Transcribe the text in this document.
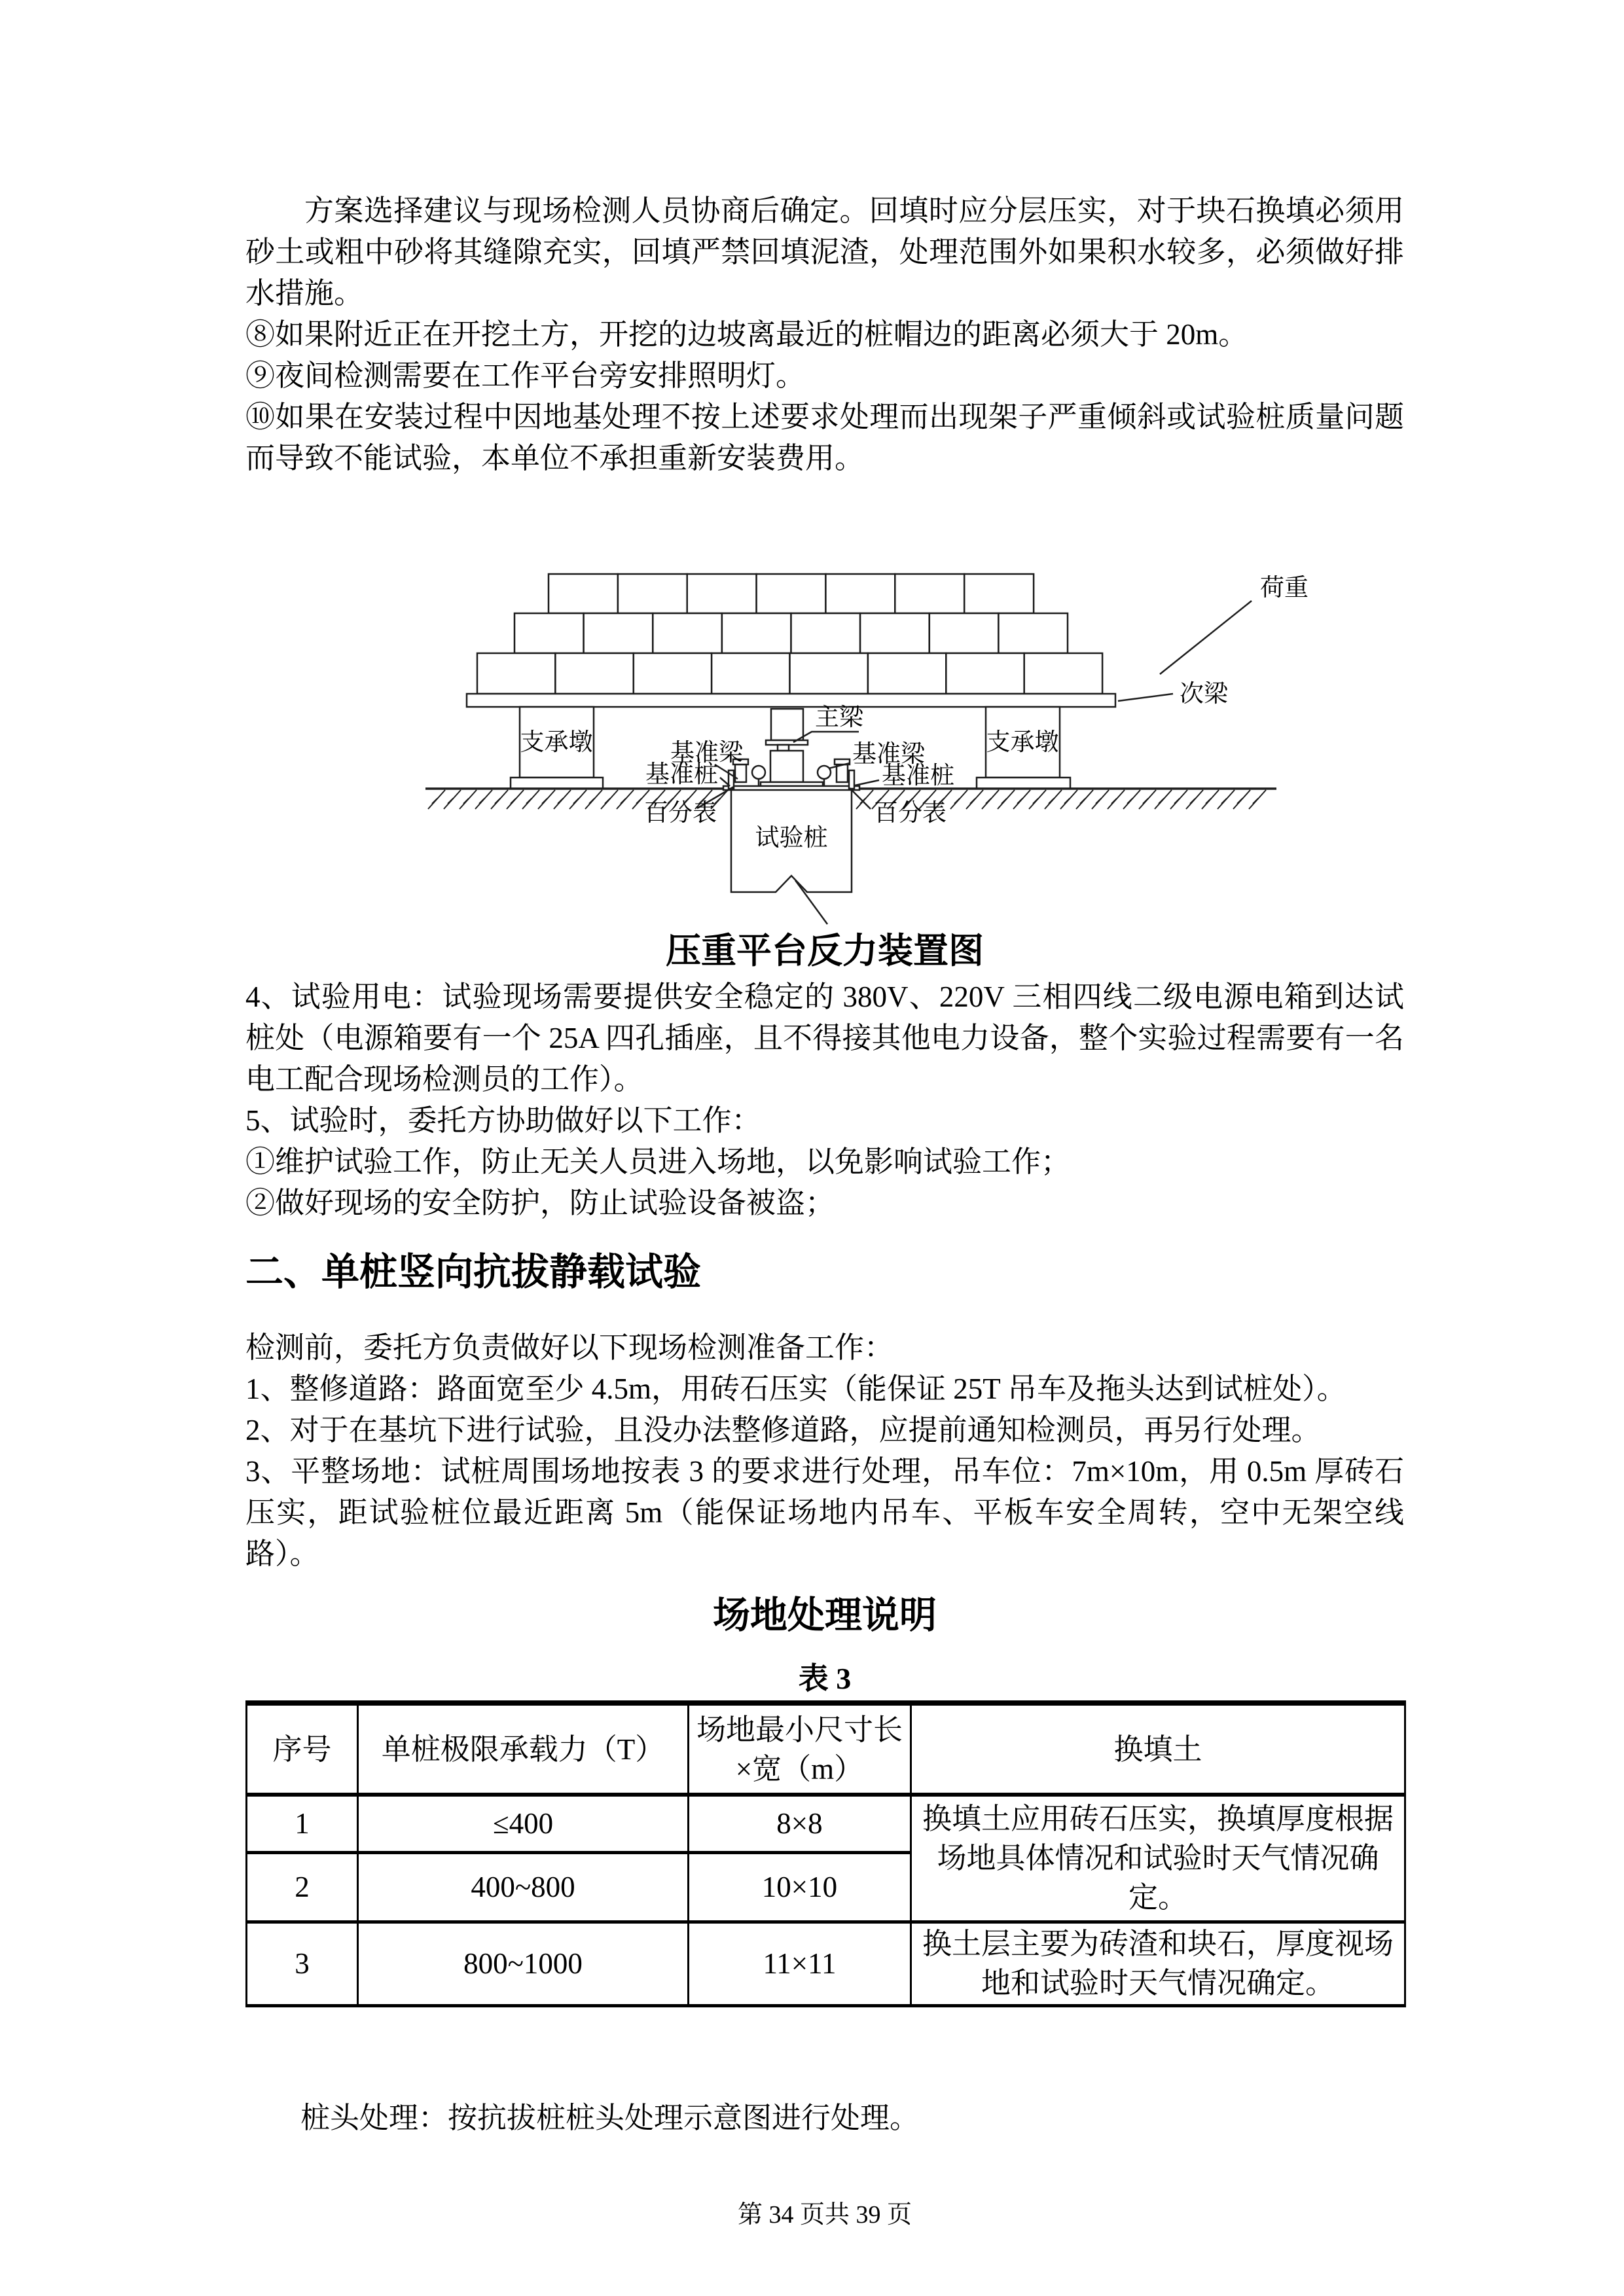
方案选择建议与现场检测人员协商后确定。回填时应分层压实，对于块石换填必须用砂土或粗中砂将其缝隙充实，回填严禁回填泥渣，处理范围外如果积水较多，必须做好排水措施。

⑧如果附近正在开挖土方，开挖的边坡离最近的桩帽边的距离必须大于 20m。

⑨夜间检测需要在工作平台旁安排照明灯。

⑩如果在安装过程中因地基处理不按上述要求处理而出现架子严重倾斜或试验桩质量问题而导致不能试验，本单位不承担重新安装费用。

荷重
次梁
支承墩	支承墩
主梁
基准梁	基准梁
基准桩	基准桩
百分表	百分表
试验桩
压重平台反力装置图

4、试验用电：试验现场需要提供安全稳定的 380V、220V 三相四线二级电源电箱到达试桩处（电源箱要有一个 25A 四孔插座，且不得接其他电力设备，整个实验过程需要有一名电工配合现场检测员的工作）。

5、试验时，委托方协助做好以下工作：

①维护试验工作，防止无关人员进入场地，以免影响试验工作；

②做好现场的安全防护，防止试验设备被盗；

二、单桩竖向抗拔静载试验

检测前，委托方负责做好以下现场检测准备工作：

1、整修道路：路面宽至少 4.5m，用砖石压实（能保证 25T 吊车及拖头达到试桩处）。

2、对于在基坑下进行试验，且没办法整修道路，应提前通知检测员，再另行处理。

3、平整场地：试桩周围场地按表 3 的要求进行处理，吊车位：7m×10m，用 0.5m 厚砖石压实，距试验桩位最近距离 5m（能保证场地内吊车、平板车安全周转，空中无架空线路）。

场地处理说明
表 3
序号	单桩极限承载力（T）	场地最小尺寸长×宽（m）	换填土
1	≤400	8×8	换填土应用砖石压实，换填厚度根据场地具体情况和试验时天气情况确定。
2	400~800	10×10	
3	800~1000	11×11	换土层主要为砖渣和块石，厚度视场地和试验时天气情况确定。

桩头处理：按抗拔桩桩头处理示意图进行处理。

第 34 页共 39 页
